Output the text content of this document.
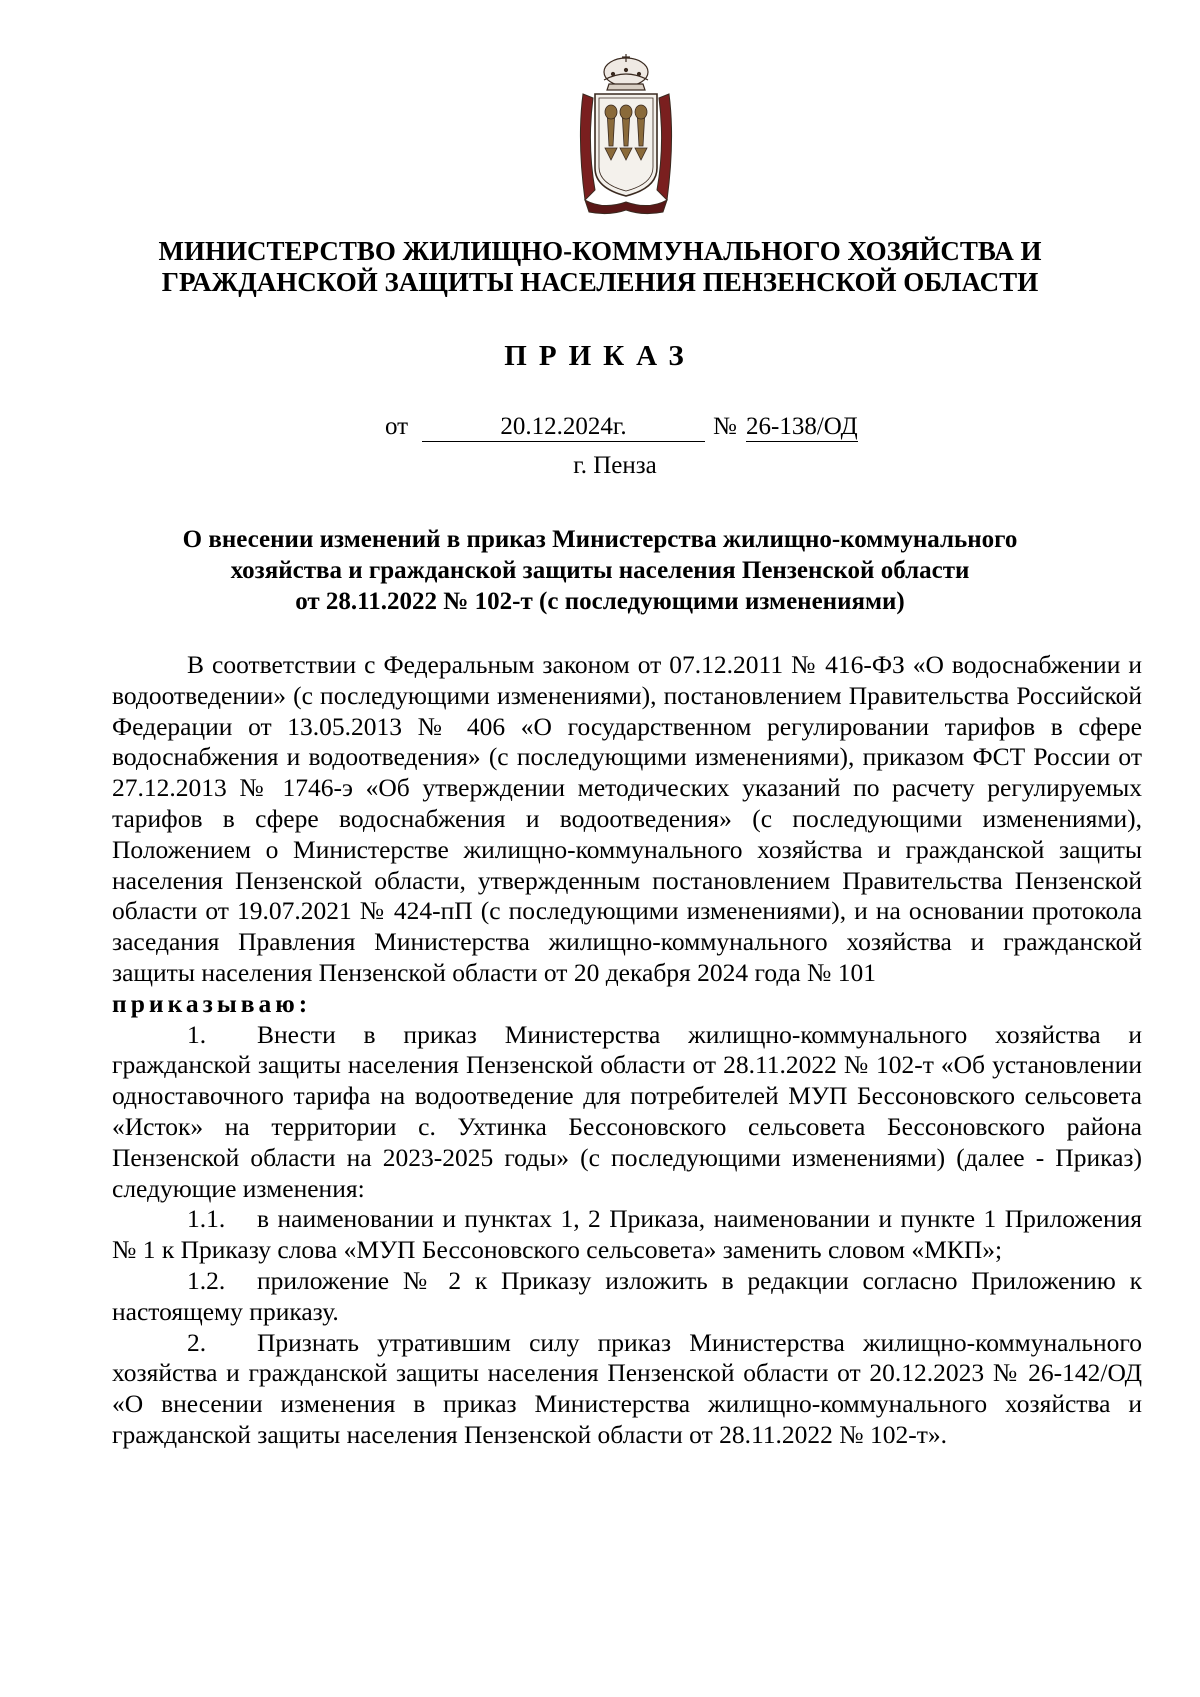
МИНИСТЕРСТВО ЖИЛИЩНО-КОММУНАЛЬНОГО ХОЗЯЙСТВА И
ГРАЖДАНСКОЙ ЗАЩИТЫ НАСЕЛЕНИЯ ПЕНЗЕНСКОЙ ОБЛАСТИ
ПРИКАЗ
от	20.12.2024г.	№ 26-138/ОД
г. Пенза
О внесении изменений в приказ Министерства жилищно-коммунального
хозяйства и гражданской защиты населения Пензенской области
от 28.11.2022 № 102-т (с последующими изменениями)

В соответствии с Федеральным законом от 07.12.2011 № 416-ФЗ «О водоснабжении и водоотведении» (с последующими изменениями), постановлением Правительства Российской Федерации от 13.05.2013 № 406 «О государственном регулировании тарифов в сфере водоснабжения и водоотведения» (с последующими изменениями), приказом ФСТ России от 27.12.2013 № 1746-э «Об утверждении методических указаний по расчету регулируемых тарифов в сфере водоснабжения и водоотведения» (с последующими изменениями), Положением о Министерстве жилищно-коммунального хозяйства и гражданской защиты населения Пензенской области, утвержденным постановлением Правительства Пензенской области от 19.07.2021 № 424-пП (с последующими изменениями), и на основании протокола заседания Правления Министерства жилищно-коммунального хозяйства и гражданской защиты населения Пензенской области от 20 декабря 2024 года № 101

приказываю:

1. Внести в приказ Министерства жилищно-коммунального хозяйства и гражданской защиты населения Пензенской области от 28.11.2022 № 102-т «Об установлении одноставочного тарифа на водоотведение для потребителей МУП Бессоновского сельсовета «Исток» на территории с. Ухтинка Бессоновского сельсовета Бессоновского района Пензенской области на 2023-2025 годы» (с последующими изменениями) (далее - Приказ) следующие изменения:

1.1. в наименовании и пунктах 1, 2 Приказа, наименовании и пункте 1 Приложения № 1 к Приказу слова «МУП Бессоновского сельсовета» заменить словом «МКП»;

1.2. приложение № 2 к Приказу изложить в редакции согласно Приложению к настоящему приказу.

2. Признать утратившим силу приказ Министерства жилищно-коммунального хозяйства и гражданской защиты населения Пензенской области от 20.12.2023 № 26-142/ОД «О внесении изменения в приказ Министерства жилищно-коммунального хозяйства и гражданской защиты населения Пензенской области от 28.11.2022 № 102-т».
